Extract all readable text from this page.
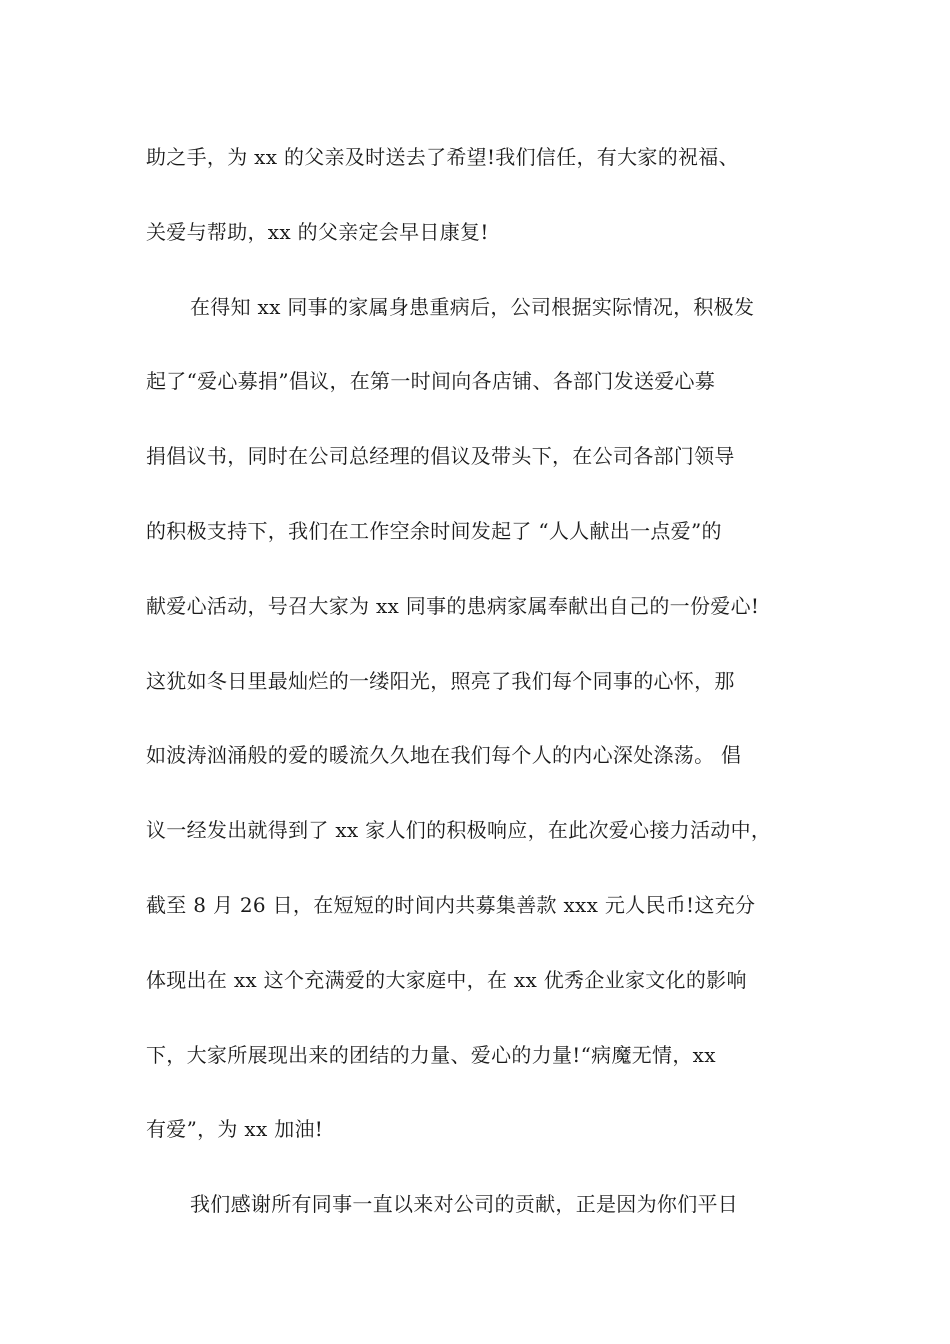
助之手，为 xx 的父亲及时送去了希望!我们信任，有大家的祝福、
关爱与帮助，xx 的父亲定会早日康复!
在得知 xx 同事的家属身患重病后，公司根据实际情况，积极发
起了“爱心募捐”倡议，在第一时间向各店铺、各部门发送爱心募
捐倡议书，同时在公司总经理的倡议及带头下，在公司各部门领导
的积极支持下，我们在工作空余时间发起了 “人人献出一点爱”的
献爱心活动，号召大家为 xx 同事的患病家属奉献出自己的一份爱心!
这犹如冬日里最灿烂的一缕阳光，照亮了我们每个同事的心怀，那
如波涛汹涌般的爱的暖流久久地在我们每个人的内心深处涤荡。 倡
议一经发出就得到了 xx 家人们的积极响应，在此次爱心接力活动中，
截至 8 月 26 日，在短短的时间内共募集善款 xxx 元人民币!这充分
体现出在 xx 这个充满爱的大家庭中，在 xx 优秀企业家文化的影响
下，大家所展现出来的团结的力量、爱心的力量!“病魔无情，xx
有爱”，为 xx 加油!
我们感谢所有同事一直以来对公司的贡献，正是因为你们平日
